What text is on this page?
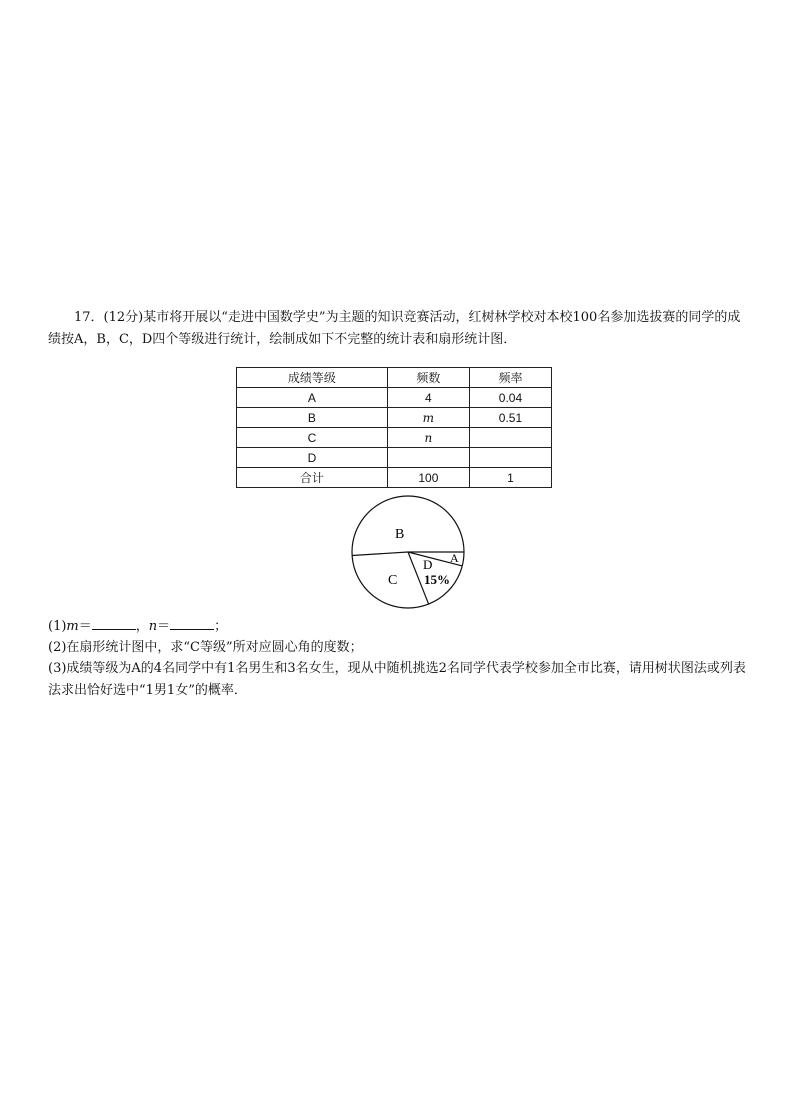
17．(12分)某市将开展以“走进中国数学史”为主题的知识竞赛活动，红树林学校对本校100名参加选拔赛的同学的成绩按A，B，C，D四个等级进行统计，绘制成如下不完整的统计表和扇形统计图．

成绩等级	频数	频率
A	4	0.04
B	m	0.51
C	n	
D		
合计	100	1
B
A
D
C 15%

(1)m＝	，n＝	；

(2)在扇形统计图中，求“C等级”所对应圆心角的度数；

(3)成绩等级为A的4名同学中有1名男生和3名女生，现从中随机挑选2名同学代表学校参加全市比赛，请用树状图法或列表法求出恰好选中“1男1女”的概率．
